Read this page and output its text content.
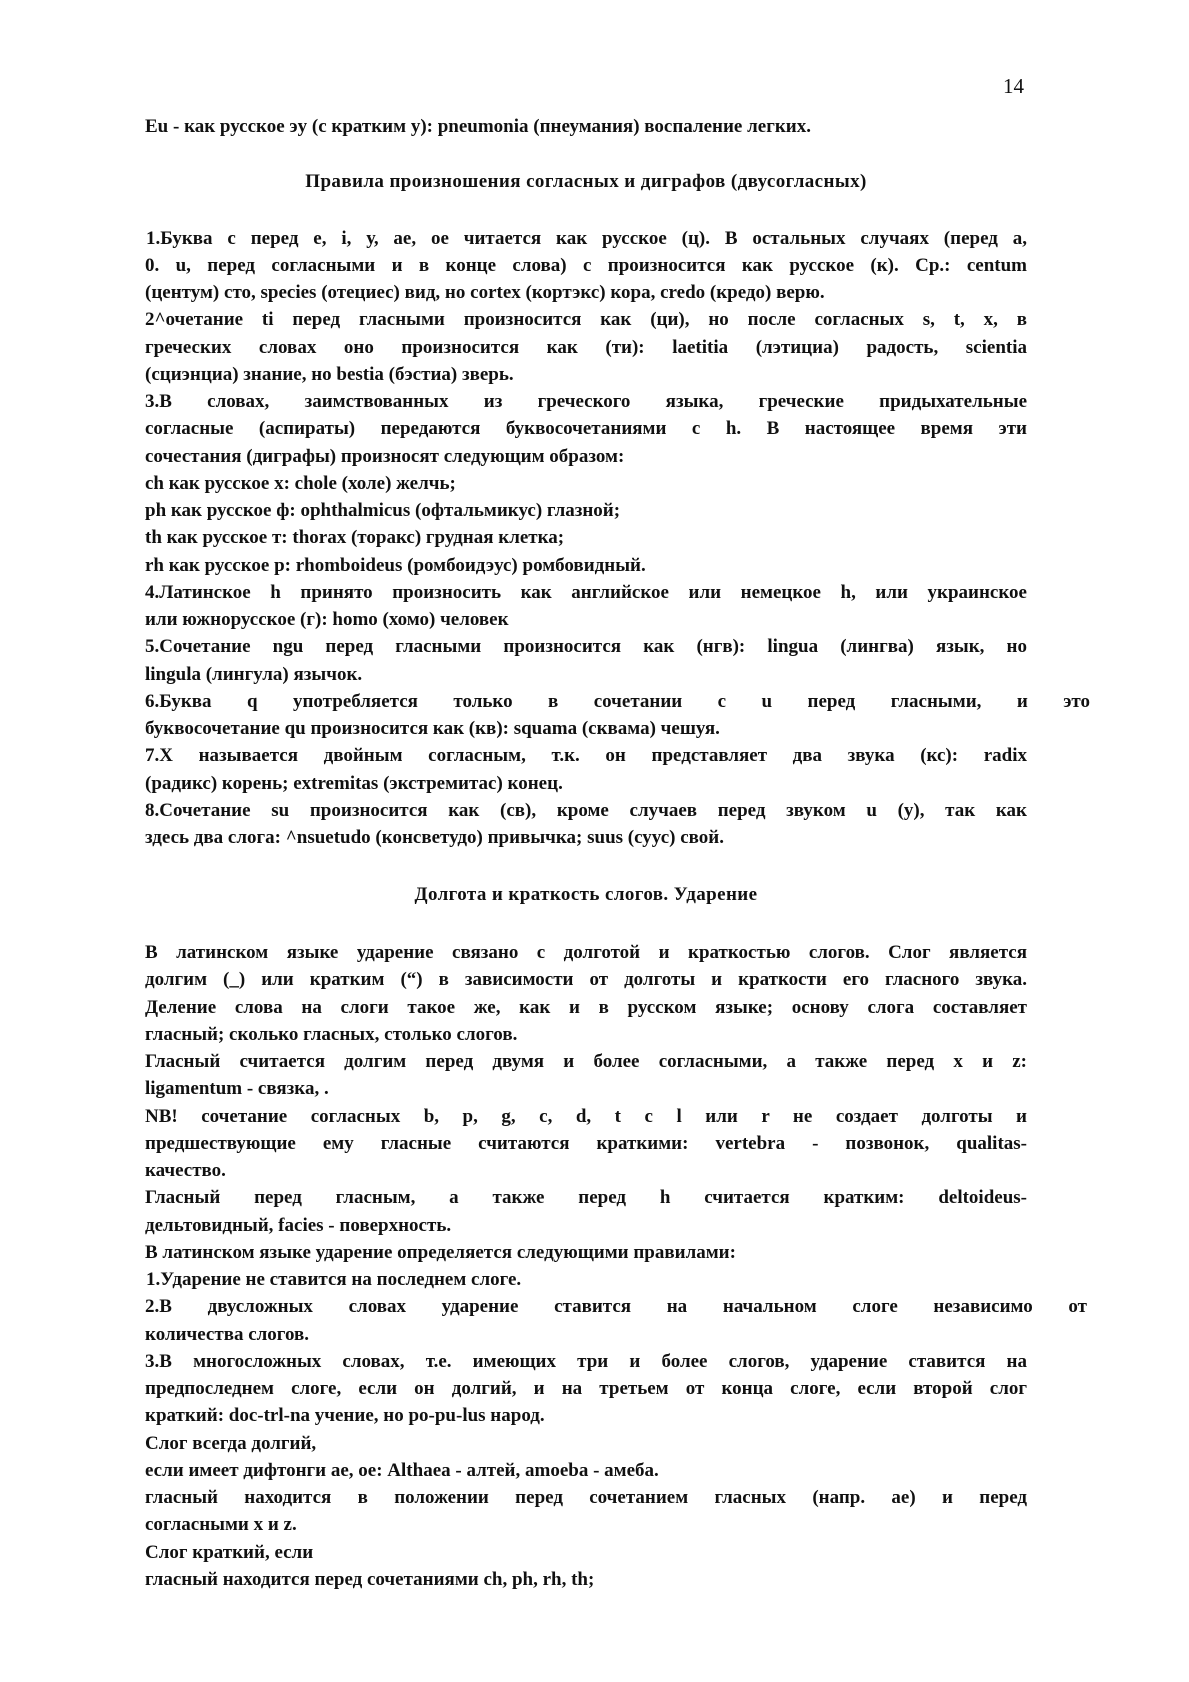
14
Eu - как русское эу (с кратким у): pneumonia (пнеумания) воспаление легких.
Правила произношения согласных и диграфов (двусогласных)
1.Буква с перед е, i, у, ае, ое читается как русское (ц). В остальных случаях (перед а,
0. u, перед согласными и в конце слова) с произносится как русское (к). Ср.: centum
(центум) сто, species (отециес) вид, но cortex (кортэкс) кора, credo (кредо) верю.
2^очетание ti перед гласными произносится как (ци), но после согласных s, t, x, в
греческих словах оно произносится как (ти): laetitia (лэтициа) радость, scientia
(сциэнциа) знание, но bestia (бэстиа) зверь.
3.В словах, заимствованных из греческого языка, греческие придыхательные
согласные (аспираты) передаются буквосочетаниями с h. В настоящее время эти
сочестания (диграфы) произносят следующим образом:
ch как русское х: chole (холе) желчь;
ph как русское ф: ophthalmicus (офтальмикус) глазной;
th как русское т: thorax (торакс) грудная клетка;
rh как русское р: rhomboideus (ромбоидэус) ромбовидный.
4.Латинское h принято произносить как английское или немецкое h, или украинское
или южнорусское (г): homo (хомо) человек
5.Сочетание ngu перед гласными произносится как (нгв): lingua (лингва) язык, но
lingula (лингула) язычок.
6.Буква q употребляется только в сочетании с u перед гласными, и это
буквосочетание qu произносится как (кв): squama (сквама) чешуя.
7.X называется двойным согласным, т.к. он представляет два звука (кс): radix
(радикс) корень; extremitas (экстремитас) конец.
8.Сочетание su произносится как (св), кроме случаев перед звуком u (у), так как
здесь два слога: ^nsuetudo (консветудо) привычка; suus (суус) свой.
Долгота и краткость слогов. Ударение
В латинском языке ударение связано с долготой и краткостью слогов. Слог является
долгим (_) или кратким (“) в зависимости от долготы и краткости его гласного звука.
Деление слова на слоги такое же, как и в русском языке; основу слога составляет
гласный; сколько гласных, столько слогов.
Гласный считается долгим перед двумя и более согласными, а также перед х и z:
ligamentum - связка, .
NB! сочетание согласных b, p, g, c, d, t c l или r не создает долготы и
предшествующие ему гласные считаются краткими: vertebra - позвонок, qualitas-
качество.
Гласный перед гласным, а также перед h считается кратким: deltoideus-
дельтовидный, facies - поверхность.
В латинском языке ударение определяется следующими правилами:
1.Ударение не ставится на последнем слоге.
2.В двусложных словах ударение ставится на начальном слоге независимо от
количества слогов.
3.В многосложных словах, т.е. имеющих три и более слогов, ударение ставится на
предпоследнем слоге, если он долгий, и на третьем от конца слоге, если второй слог
краткий: doc-trl-na учение, но po-pu-lus народ.
Слог всегда долгий,
если имеет дифтонги ае, ое: Althaea - алтей, amoeba - амеба.
гласный находится в положении перед сочетанием гласных (напр. ae) и перед
согласными х и z.
Слог краткий, если
гласный находится перед сочетаниями ch, ph, rh, th;
